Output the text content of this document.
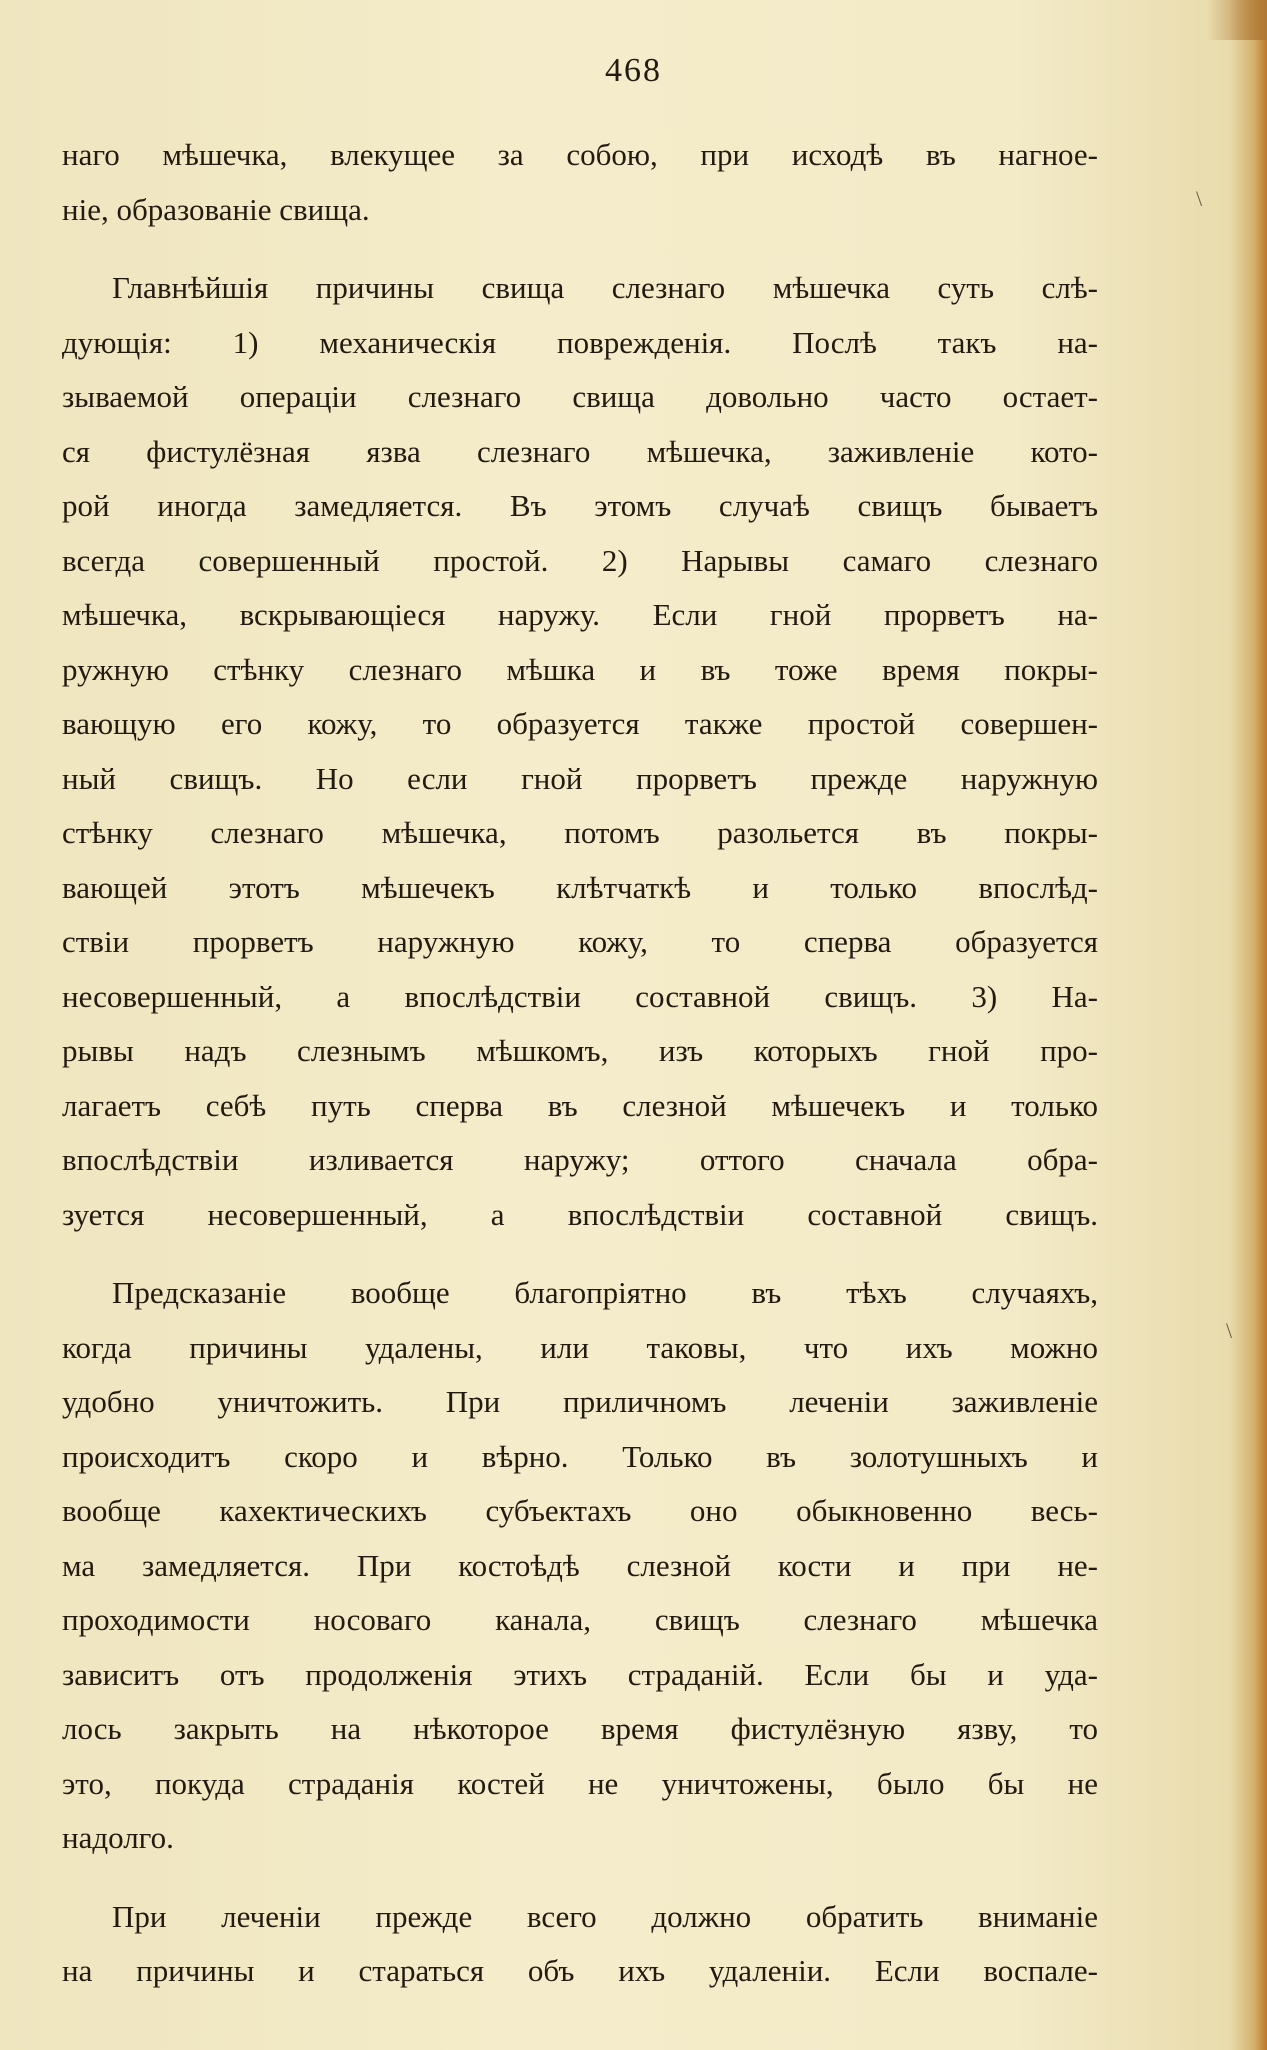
468
наго мѣшечка, влекущее за собою, при исходѣ въ нагное-
ніе, образованіе свища.
Главнѣйшія причины свища слезнаго мѣшечка суть слѣ-
дующія: 1) механическія поврежденія. Послѣ такъ на-
зываемой операціи слезнаго свища довольно часто остает-
ся фистулёзная язва слезнаго мѣшечка, заживленіе кото-
рой иногда замедляется. Въ этомъ случаѣ свищъ бываетъ
всегда совершенный простой. 2) Нарывы самаго слезнаго
мѣшечка, вскрывающіеся наружу. Если гной прорветъ на-
ружную стѣнку слезнаго мѣшка и въ тоже время покры-
вающую его кожу, то образуется также простой совершен-
ный свищъ. Но если гной прорветъ прежде наружную
стѣнку слезнаго мѣшечка, потомъ разольется въ покры-
вающей этотъ мѣшечекъ клѣтчаткѣ и только впослѣд-
ствіи прорветъ наружную кожу, то сперва образуется
несовершенный, а впослѣдствіи составной свищъ. 3) На-
рывы надъ слезнымъ мѣшкомъ, изъ которыхъ гной про-
лагаетъ себѣ путь сперва въ слезной мѣшечекъ и только
впослѣдствіи изливается наружу; оттого сначала обра-
зуется несовершенный, а впослѣдствіи составной свищъ.
Предсказаніе вообще благопріятно въ тѣхъ случаяхъ,
когда причины удалены, или таковы, что ихъ можно
удобно уничтожить. При приличномъ леченіи заживленіе
происходитъ скоро и вѣрно. Только въ золотушныхъ и
вообще кахектическихъ субъектахъ оно обыкновенно весь-
ма замедляется. При костоѣдѣ слезной кости и при не-
проходимости носоваго канала, свищъ слезнаго мѣшечка
зависитъ отъ продолженія этихъ страданій. Если бы и уда-
лось закрыть на нѣкоторое время фистулёзную язву, то
это, покуда страданія костей не уничтожены, было бы не
надолго.
При леченіи прежде всего должно обратить вниманіе
на причины и стараться объ ихъ удаленіи. Если воспале-
\
\
